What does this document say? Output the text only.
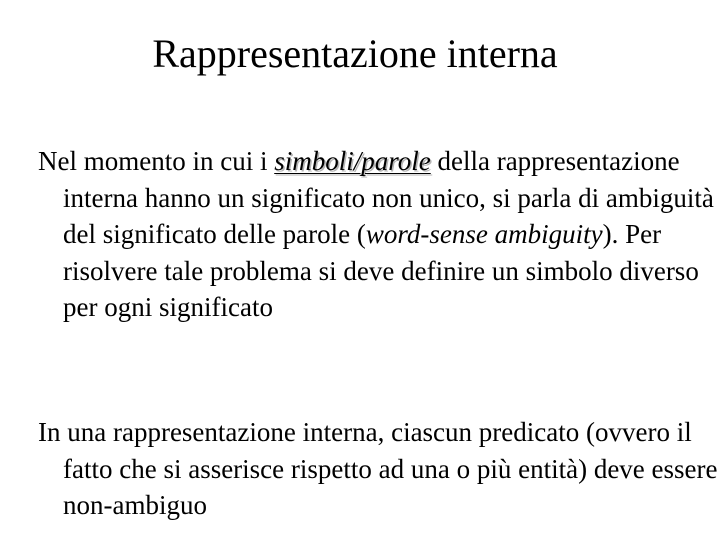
Rappresentazione interna

Nel momento in cui i simboli/parole della rappresentazione interna hanno un significato non unico, si parla di ambiguità del significato delle parole (word-sense ambiguity). Per risolvere tale problema si deve definire un simbolo diverso per ogni significato

In una rappresentazione interna, ciascun predicato (ovvero il fatto che si asserisce rispetto ad una o più entità) deve essere non-ambiguo
